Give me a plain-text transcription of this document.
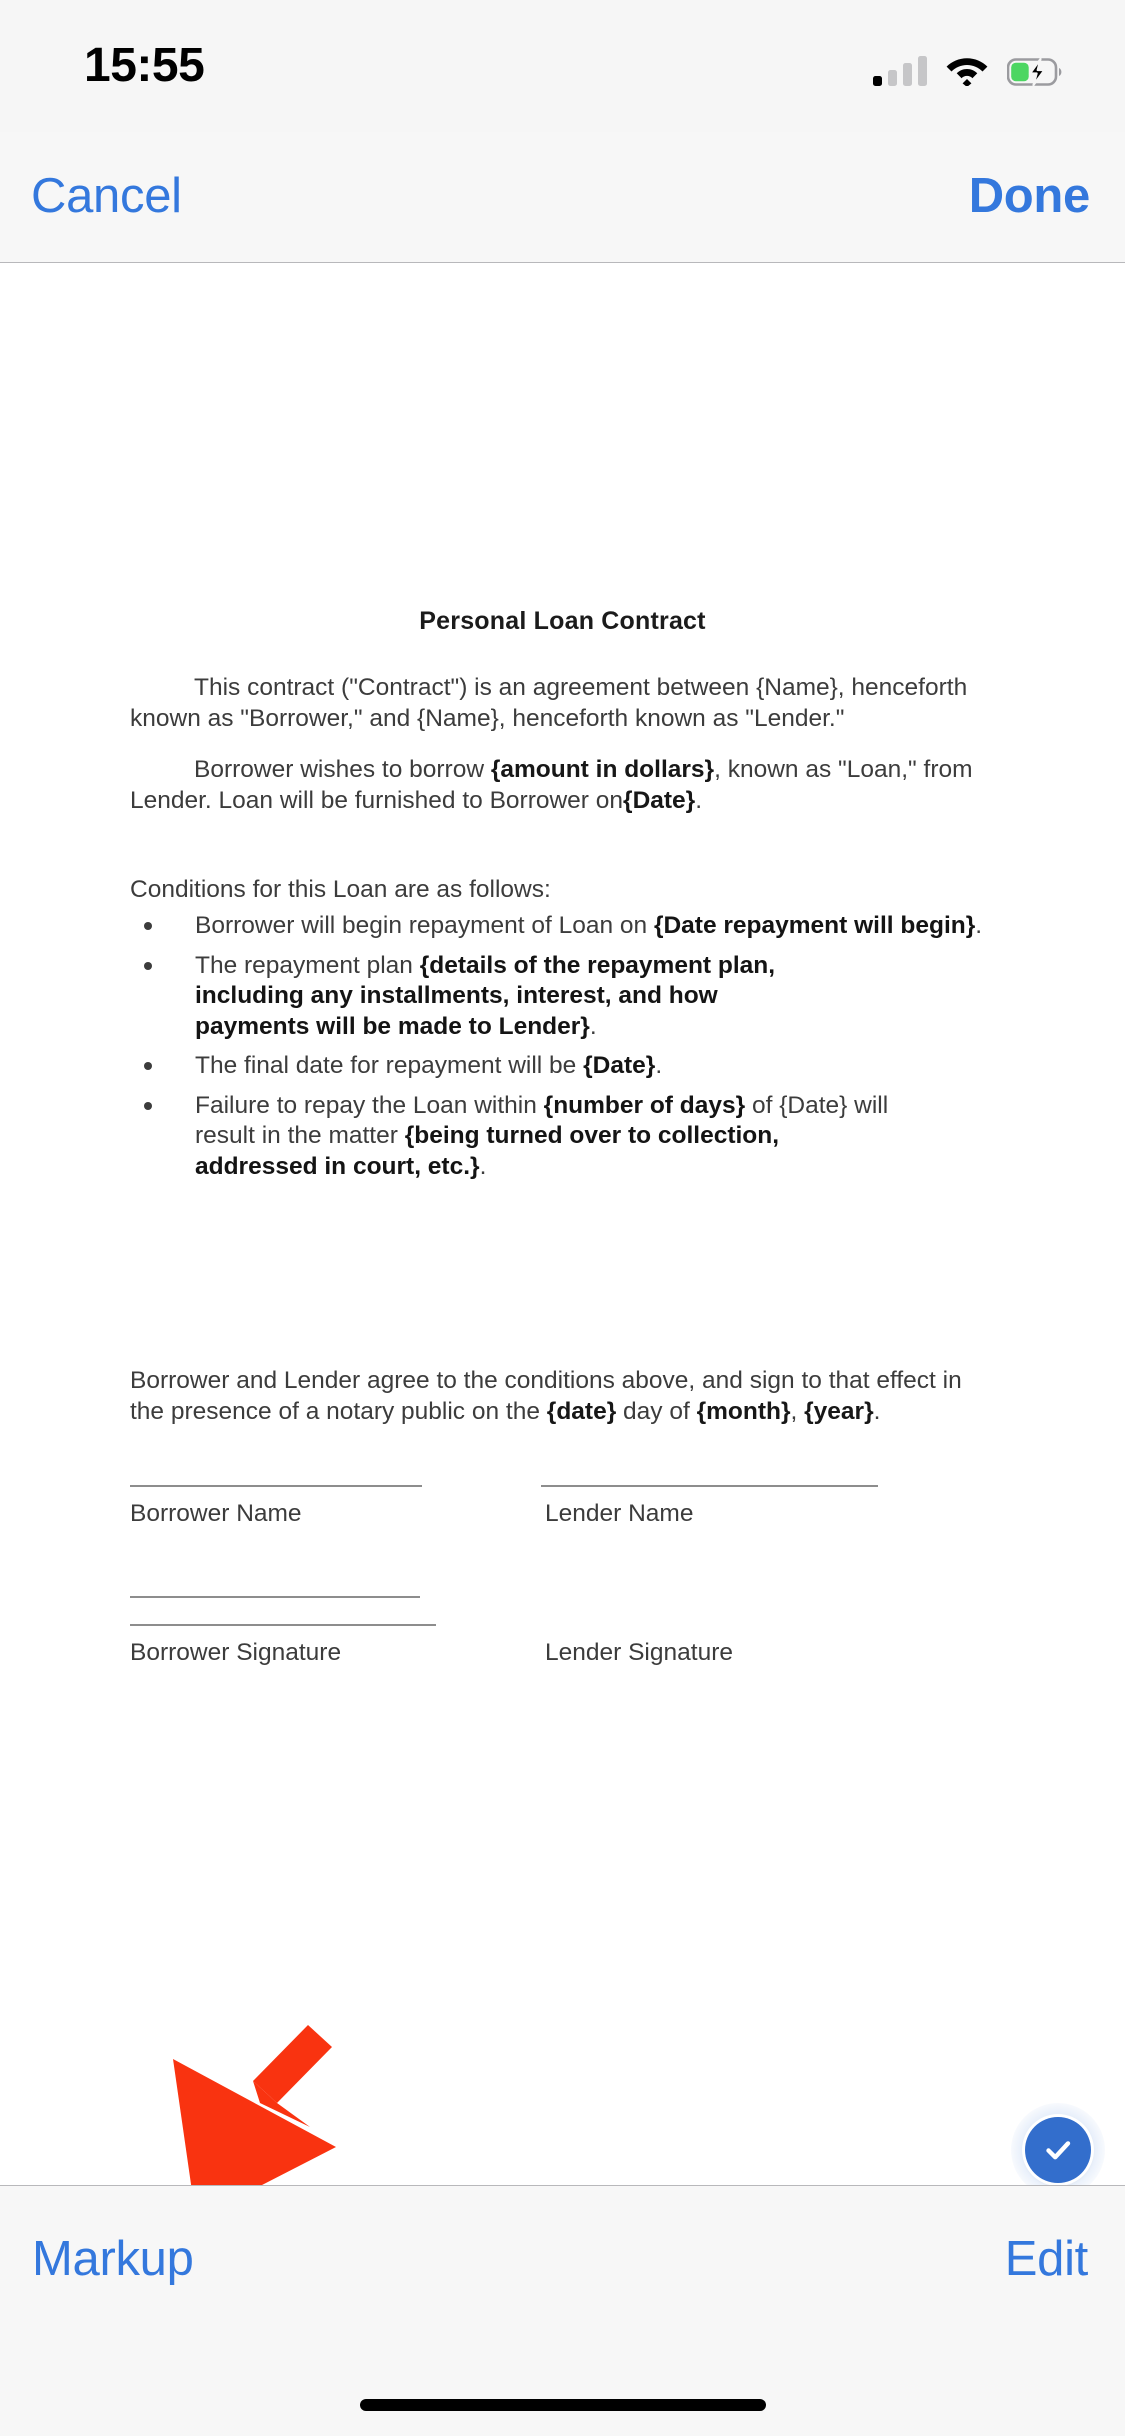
15:55
Cancel	Done
Personal Loan Contract
This contract ("Contract") is an agreement between {Name}, henceforth known as "Borrower," and {Name}, henceforth known as "Lender."
Borrower wishes to borrow {amount in dollars}, known as "Loan," from Lender. Loan will be furnished to Borrower on{Date}.
Conditions for this Loan are as follows:
Borrower will begin repayment of Loan on {Date repayment will begin}.
The repayment plan {details of the repayment plan, including any installments, interest, and how payments will be made to Lender}.
The final date for repayment will be {Date}.
Failure to repay the Loan within {number of days} of {Date} will result in the matter {being turned over to collection, addressed in court, etc.}.
Borrower and Lender agree to the conditions above, and sign to that effect in the presence of a notary public on the {date} day of {month}, {year}.
Borrower Name	Lender Name
Borrower Signature	Lender Signature
Markup	Edit
